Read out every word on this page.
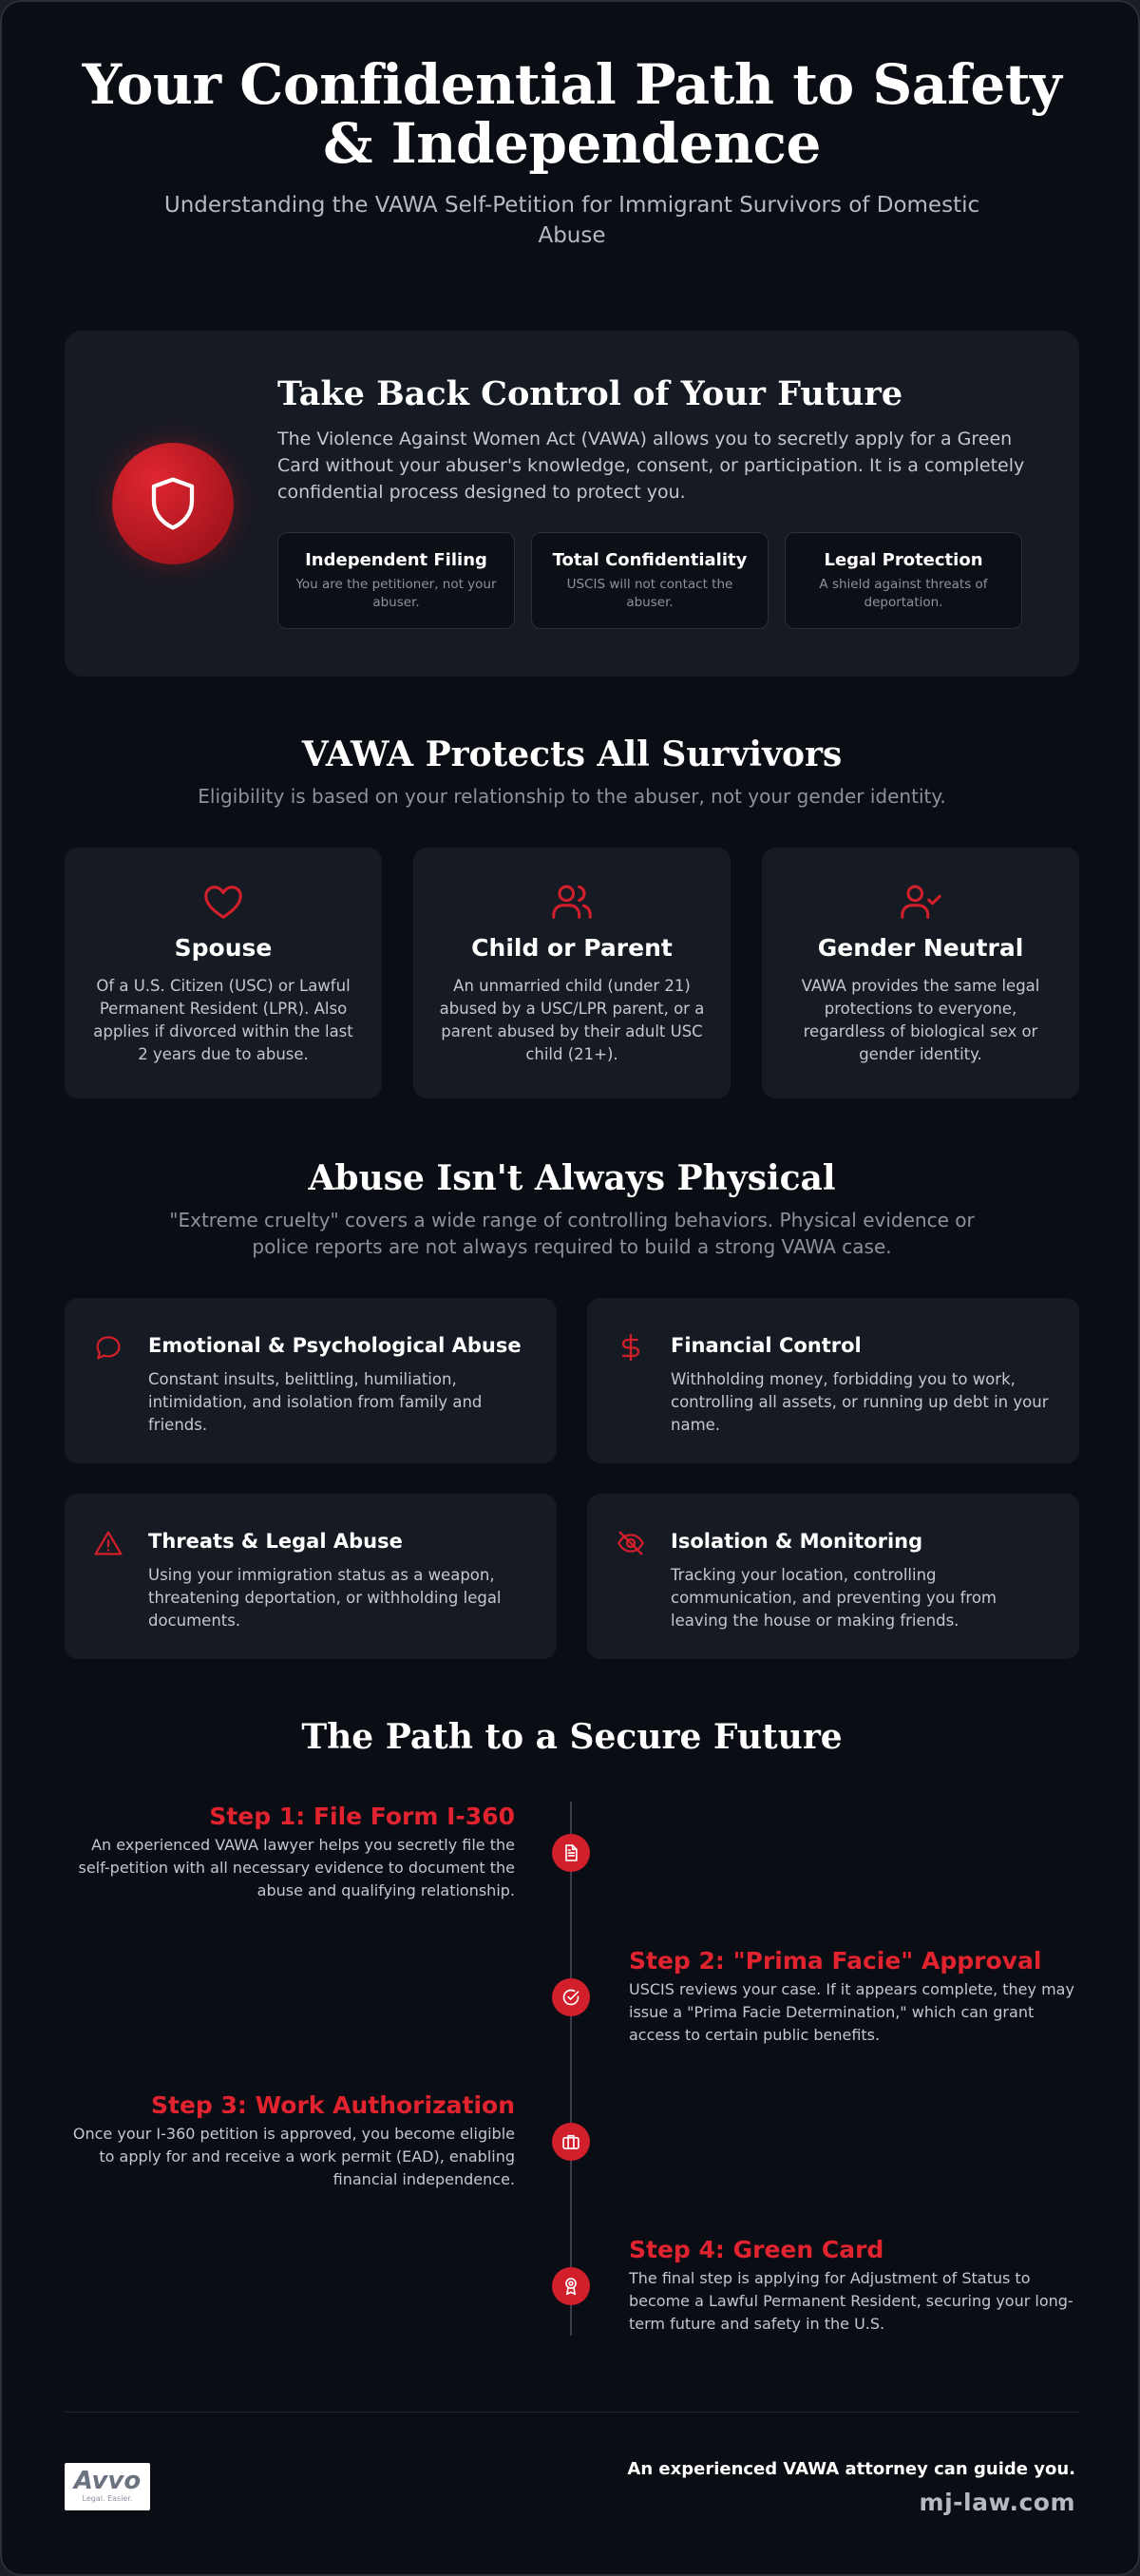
Your Confidential Path to Safety & Independence

Understanding the VAWA Self-Petition for Immigrant Survivors of Domestic Abuse

Take Back Control of Your Future

The Violence Against Women Act (VAWA) allows you to secretly apply for a Green Card without your abuser's knowledge, consent, or participation. It is a completely confidential process designed to protect you.

Independent Filing
You are the petitioner, not your abuser.
Total Confidentiality
USCIS will not contact the abuser.
Legal Protection
A shield against threats of deportation.
VAWA Protects All Survivors

Eligibility is based on your relationship to the abuser, not your gender identity.

Spouse

Of a U.S. Citizen (USC) or Lawful Permanent Resident (LPR). Also applies if divorced within the last 2 years due to abuse.

Child or Parent

An unmarried child (under 21) abused by a USC/LPR parent, or a parent abused by their adult USC child (21+).

Gender Neutral

VAWA provides the same legal protections to everyone, regardless of biological sex or gender identity.

Abuse Isn't Always Physical

"Extreme cruelty" covers a wide range of controlling behaviors. Physical evidence or police reports are not always required to build a strong VAWA case.

Emotional & Psychological Abuse

Constant insults, belittling, humiliation, intimidation, and isolation from family and friends.

Financial Control

Withholding money, forbidding you to work, controlling all assets, or running up debt in your name.

Threats & Legal Abuse

Using your immigration status as a weapon, threatening deportation, or withholding legal documents.

Isolation & Monitoring

Tracking your location, controlling communication, and preventing you from leaving the house or making friends.

The Path to a Secure Future
Step 1: File Form I-360

An experienced VAWA lawyer helps you secretly file the self-petition with all necessary evidence to document the abuse and qualifying relationship.

Step 2: "Prima Facie" Approval

USCIS reviews your case. If it appears complete, they may issue a "Prima Facie Determination," which can grant access to certain public benefits.

Step 3: Work Authorization

Once your I-360 petition is approved, you become eligible to apply for and receive a work permit (EAD), enabling financial independence.

Step 4: Green Card

The final step is applying for Adjustment of Status to become a Lawful Permanent Resident, securing your long-term future and safety in the U.S.

Avvo
Legal. Easier.
An experienced VAWA attorney can guide you.
mj-law.com
